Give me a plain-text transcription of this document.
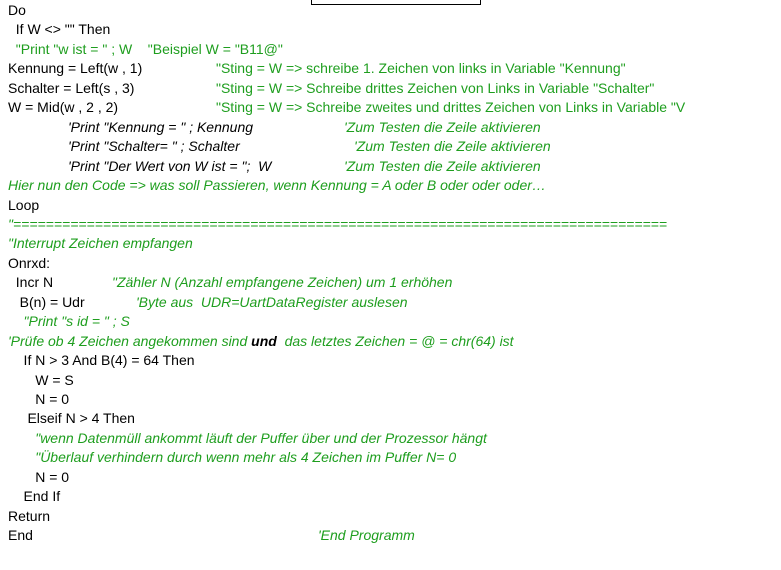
Do
If W <> "" Then
"Print "w ist = " ; W    "Beispiel W = "B11@"
Kennung = Left(w , 1)	"Sting = W => schreibe 1. Zeichen von links in Variable "Kennung"
Schalter = Left(s , 3)	"Sting = W => Schreibe drittes Zeichen von Links in Variable "Schalter"
W = Mid(w , 2 , 2)	"Sting = W => Schreibe zweites und drittes Zeichen von Links in Variable "V
'Print "Kennung = " ; Kennung	'Zum Testen die Zeile aktivieren
'Print "Schalter= " ; Schalter	'Zum Testen die Zeile aktivieren
'Print "Der Wert von W ist = ";  W	'Zum Testen die Zeile aktivieren
Hier nun den Code => was soll Passieren, wenn Kennung = A oder B oder oder oder…
Loop
"================================================================================
"Interrupt Zeichen empfangen
Onrxd:
Incr N	"Zähler N (Anzahl empfangene Zeichen) um 1 erhöhen
B(n) = Udr	'Byte aus  UDR=UartDataRegister auslesen
"Print "s id = " ; S
'Prüfe ob 4 Zeichen angekommen sind und  das letztes Zeichen = @ = chr(64) ist
If N > 3 And B(4) = 64 Then
W = S
N = 0
Elseif N > 4 Then
"wenn Datenmüll ankommt läuft der Puffer über und der Prozessor hängt
"Überlauf verhindern durch wenn mehr als 4 Zeichen im Puffer N= 0
N = 0
End If
Return
End	'End Programm
